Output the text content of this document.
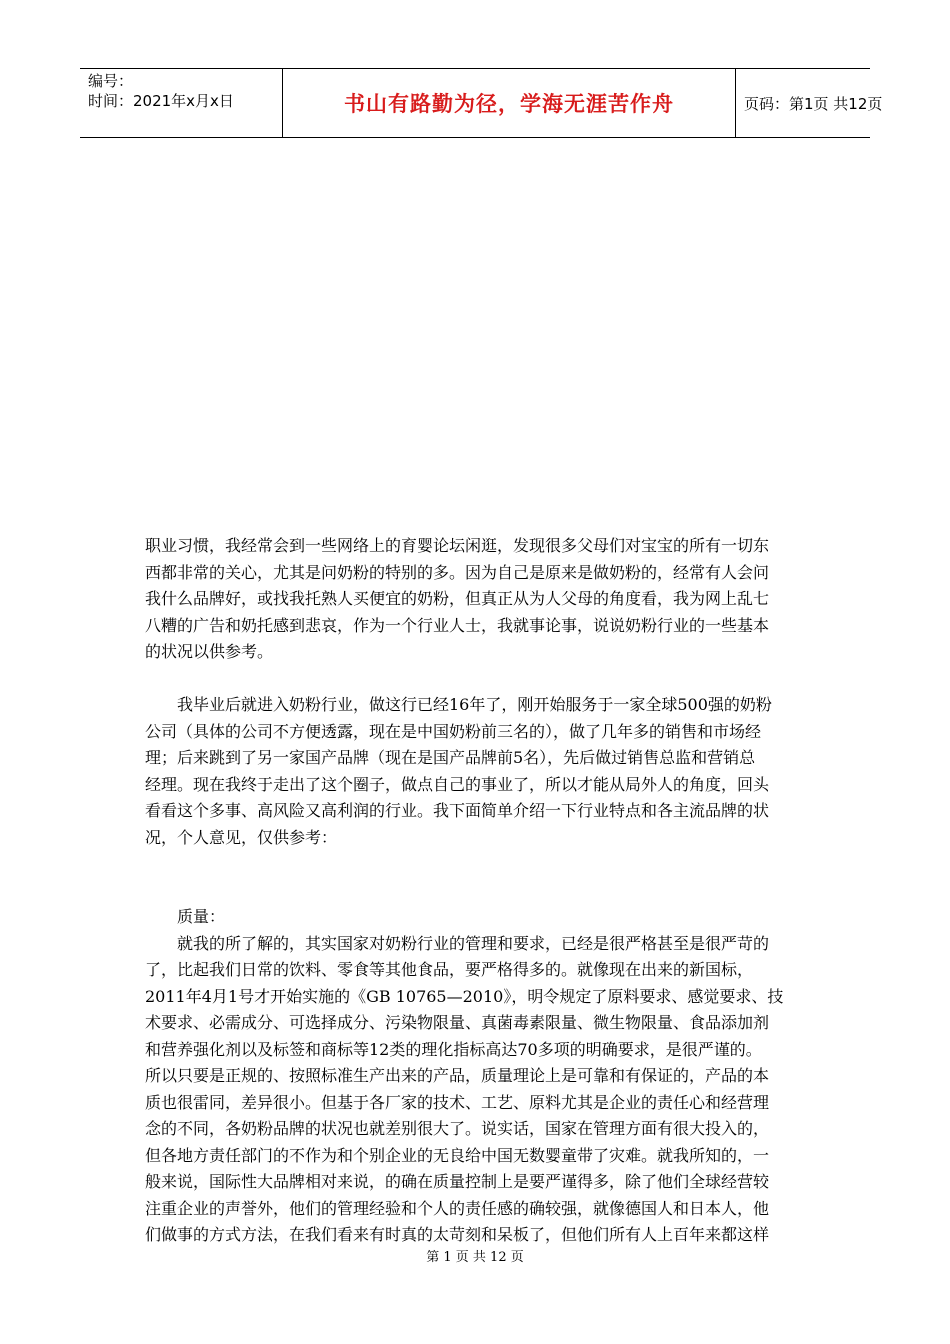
编号：
时间：2021年x月x日	书山有路勤为径，学海无涯苦作舟	页码：第1页 共12页

职业习惯，我经常会到一些网络上的育婴论坛闲逛，发现很多父母们对宝宝的所有一切东
西都非常的关心，尤其是问奶粉的特别的多。因为自己是原来是做奶粉的，经常有人会问
我什么品牌好，或找我托熟人买便宜的奶粉，但真正从为人父母的角度看，我为网上乱七
八糟的广告和奶托感到悲哀，作为一个行业人士，我就事论事，说说奶粉行业的一些基本
的状况以供参考。

我毕业后就进入奶粉行业，做这行已经16年了，刚开始服务于一家全球500强的奶粉
公司（具体的公司不方便透露，现在是中国奶粉前三名的），做了几年多的销售和市场经
理；后来跳到了另一家国产品牌（现在是国产品牌前5名），先后做过销售总监和营销总
经理。现在我终于走出了这个圈子，做点自己的事业了，所以才能从局外人的角度，回头
看看这个多事、高风险又高利润的行业。我下面简单介绍一下行业特点和各主流品牌的状
况，个人意见，仅供参考：

质量：

就我的所了解的，其实国家对奶粉行业的管理和要求，已经是很严格甚至是很严苛的
了，比起我们日常的饮料、零食等其他食品，要严格得多的。就像现在出来的新国标，
2011年4月1号才开始实施的《GB 10765—2010》，明令规定了原料要求、感觉要求、技
术要求、必需成分、可选择成分、污染物限量、真菌毒素限量、微生物限量、食品添加剂
和营养强化剂以及标签和商标等12类的理化指标高达70多项的明确要求，是很严谨的。
所以只要是正规的、按照标准生产出来的产品，质量理论上是可靠和有保证的，产品的本
质也很雷同，差异很小。但基于各厂家的技术、工艺、原料尤其是企业的责任心和经营理
念的不同，各奶粉品牌的状况也就差别很大了。说实话，国家在管理方面有很大投入的，
但各地方责任部门的不作为和个别企业的无良给中国无数婴童带了灾难。就我所知的，一
般来说，国际性大品牌相对来说，的确在质量控制上是要严谨得多，除了他们全球经营较
注重企业的声誉外，他们的管理经验和个人的责任感的确较强，就像德国人和日本人，他
们做事的方式方法，在我们看来有时真的太苛刻和呆板了，但他们所有人上百年来都这样

第 1 页 共 12 页
